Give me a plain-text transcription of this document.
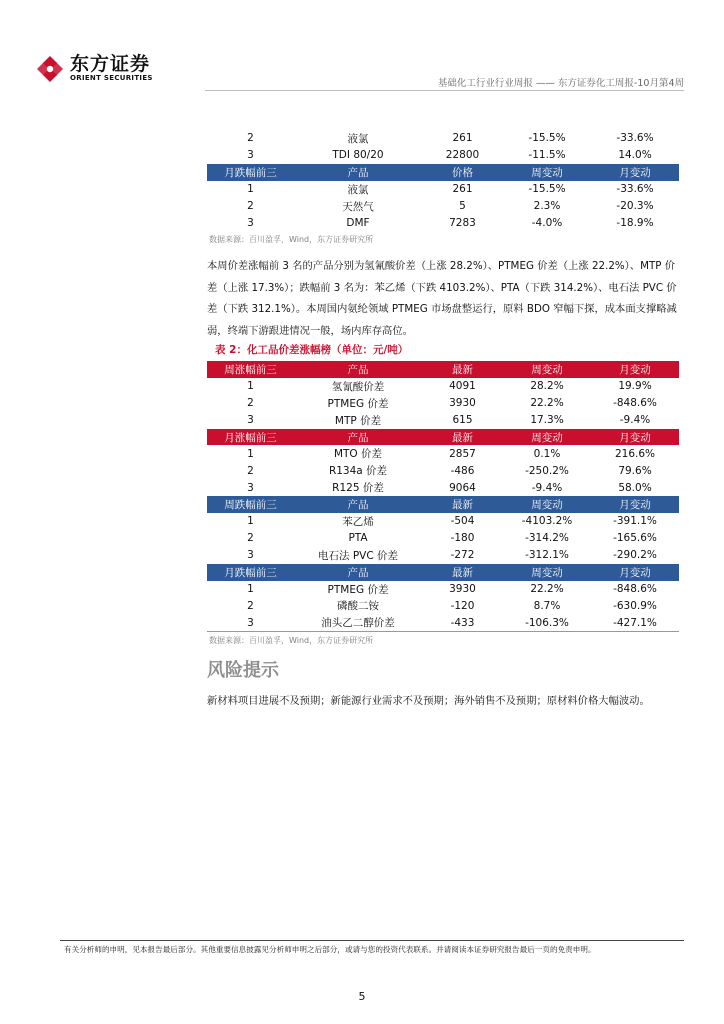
东方证券
ORIENT SECURITIES	基础化工行业行业周报 —— 东方证券化工周报-10月第4周
2	液氯	261	-15.5%	-33.6%
3	TDI 80/20	22800	-11.5%	14.0%
月跌幅前三	产品	价格	周变动	月变动
1	液氯	261	-15.5%	-33.6%
2	天然气	5	2.3%	-20.3%
3	DMF	7283	-4.0%	-18.9%
数据来源：百川盈孚，Wind，东方证券研究所
本周价差涨幅前 3 名的产品分别为氢氰酸价差（上涨 28.2%）、PTMEG 价差（上涨 22.2%）、MTP 价差（上涨 17.3%）；跌幅前 3 名为：苯乙烯（下跌 4103.2%）、PTA（下跌 314.2%）、电石法 PVC 价差（下跌 312.1%）。本周国内氨纶领域 PTMEG 市场盘整运行，原料 BDO 窄幅下探，成本面支撑略减弱，终端下游跟进情况一般，场内库存高位。
表 2：化工品价差涨幅榜（单位：元/吨）
周涨幅前三	产品	最新	周变动	月变动
1	氢氰酸价差	4091	28.2%	19.9%
2	PTMEG 价差	3930	22.2%	-848.6%
3	MTP 价差	615	17.3%	-9.4%
月涨幅前三	产品	最新	周变动	月变动
1	MTO 价差	2857	0.1%	216.6%
2	R134a 价差	-486	-250.2%	79.6%
3	R125 价差	9064	-9.4%	58.0%
周跌幅前三	产品	最新	周变动	月变动
1	苯乙烯	-504	-4103.2%	-391.1%
2	PTA	-180	-314.2%	-165.6%
3	电石法 PVC 价差	-272	-312.1%	-290.2%
月跌幅前三	产品	最新	周变动	月变动
1	PTMEG 价差	3930	22.2%	-848.6%
2	磷酸二铵	-120	8.7%	-630.9%
3	油头乙二醇价差	-433	-106.3%	-427.1%
数据来源：百川盈孚，Wind，东方证券研究所
风险提示
新材料项目进展不及预期；新能源行业需求不及预期；海外销售不及预期；原材料价格大幅波动。
有关分析师的申明，见本报告最后部分。其他重要信息披露见分析师申明之后部分，或请与您的投资代表联系。并请阅读本证券研究报告最后一页的免责申明。
5
